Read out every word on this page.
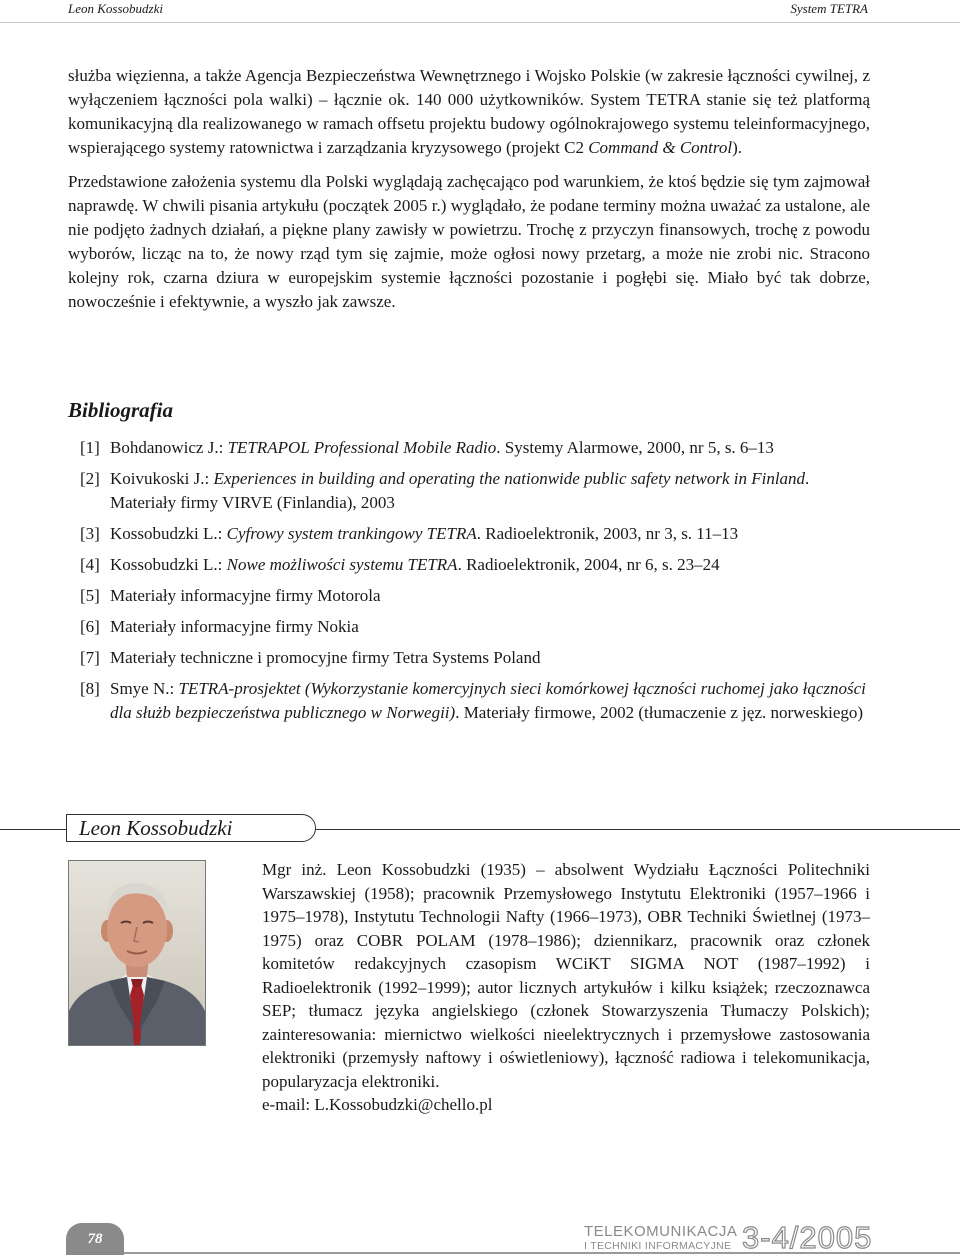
Leon Kossobudzki	System TETRA

służba więzienna, a także Agencja Bezpieczeństwa Wewnętrznego i Wojsko Polskie (w zakresie łączności cywilnej, z wyłączeniem łączności pola walki) – łącznie ok. 140 000 użytkowników. System TETRA stanie się też platformą komunikacyjną dla realizowanego w ramach offsetu projektu budowy ogólnokrajowego systemu teleinformacyjnego, wspierającego systemy ratownictwa i zarządzania kryzysowego (projekt C2 Command & Control).

Przedstawione założenia systemu dla Polski wyglądają zachęcająco pod warunkiem, że ktoś będzie się tym zajmował naprawdę. W chwili pisania artykułu (początek 2005 r.) wyglądało, że podane terminy można uważać za ustalone, ale nie podjęto żadnych działań, a piękne plany zawisły w powietrzu. Trochę z przyczyn finansowych, trochę z powodu wyborów, licząc na to, że nowy rząd tym się zajmie, może ogłosi nowy przetarg, a może nie zrobi nic. Stracono kolejny rok, czarna dziura w europejskim systemie łączności pozostanie i pogłębi się. Miało być tak dobrze, nowocześnie i efektywnie, a wyszło jak zawsze.

Bibliografia
[1] Bohdanowicz J.: TETRAPOL Professional Mobile Radio. Systemy Alarmowe, 2000, nr 5, s. 6–13
[2] Koivukoski J.: Experiences in building and operating the nationwide public safety network in Finland. Materiały firmy VIRVE (Finlandia), 2003
[3] Kossobudzki L.: Cyfrowy system trankingowy TETRA. Radioelektronik, 2003, nr 3, s. 11–13
[4] Kossobudzki L.: Nowe możliwości systemu TETRA. Radioelektronik, 2004, nr 6, s. 23–24
[5] Materiały informacyjne firmy Motorola
[6] Materiały informacyjne firmy Nokia
[7] Materiały techniczne i promocyjne firmy Tetra Systems Poland
[8] Smye N.: TETRA-prosjektet (Wykorzystanie komercyjnych sieci komórkowej łączności ruchomej jako łączności dla służb bezpieczeństwa publicznego w Norwegii). Materiały firmowe, 2002 (tłumaczenie z jęz. norweskiego)
Leon Kossobudzki

Mgr inż. Leon Kossobudzki (1935) – absolwent Wydziału Łączności Politechniki Warszawskiej (1958); pracownik Przemysłowego Instytutu Elektroniki (1957–1966 i 1975–1978), Instytutu Technologii Nafty (1966–1973), OBR Techniki Świetlnej (1973–1975) oraz COBR POLAM (1978–1986); dziennikarz, pracownik oraz członek komitetów redakcyjnych czasopism WCiKT SIGMA NOT (1987–1992) i Radioelektronik (1992–1999); autor licznych artykułów i kilku książek; rzeczoznawca SEP; tłumacz języka angielskiego (członek Stowarzyszenia Tłumaczy Polskich); zainteresowania: miernictwo wielkości nieelektrycznych i przemysłowe zastosowania elektroniki (przemysły naftowy i oświetleniowy), łączność radiowa i telekomunikacja, popularyzacja elektroniki.

e-mail: L.Kossobudzki@chello.pl

78	TELEKOMUNIKACJA
I TECHNIKI INFORMACYJNE 3-4/2005
